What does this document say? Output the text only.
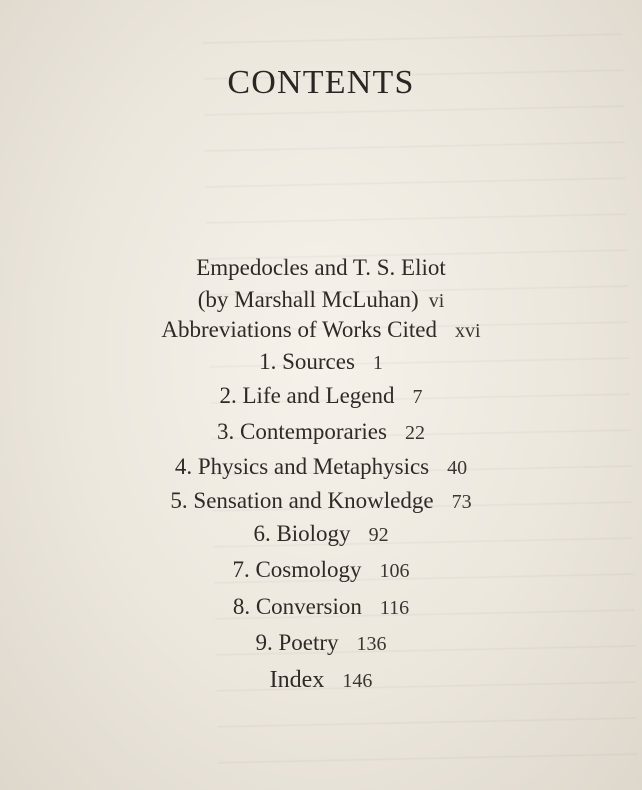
CONTENTS
Empedocles and T. S. Eliot
(by Marshall McLuhan) vi
Abbreviations of Works Cited xvi
1. Sources 1
2. Life and Legend 7
3. Contemporaries 22
4. Physics and Metaphysics 40
5. Sensation and Knowledge 73
6. Biology 92
7. Cosmology 106
8. Conversion 116
9. Poetry 136
Index 146
